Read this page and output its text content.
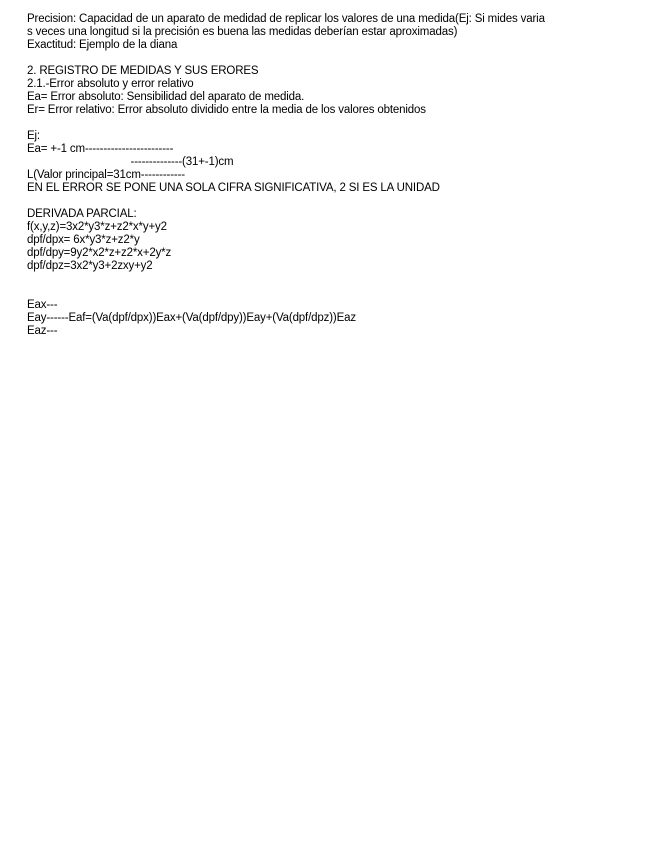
Precision: Capacidad de un aparato de medidad de replicar los valores de una medida(Ej: Si mides varia
s veces una longitud si la precisión es buena las medidas deberían estar aproximadas)
Exactitud: Ejemplo de la diana
2. REGISTRO DE MEDIDAS Y SUS ERORES
2.1.-Error absoluto y error relativo
Ea= Error absoluto: Sensibilidad del aparato de medida.
Er= Error relativo: Error absoluto dividido entre la media de los valores obtenidos
Ej:
Ea= +-1 cm------------------------
--------------(31+-1)cm
L(Valor principal=31cm------------
EN EL ERROR SE PONE UNA SOLA CIFRA SIGNIFICATIVA, 2 SI ES LA UNIDAD
DERIVADA PARCIAL:
f(x,y,z)=3x2*y3*z+z2*x*y+y2
dpf/dpx= 6x*y3*z+z2*y
dpf/dpy=9y2*x2*z+z2*x+2y*z
dpf/dpz=3x2*y3+2zxy+y2
Eax---
Eay------Eaf=(Va(dpf/dpx))Eax+(Va(dpf/dpy))Eay+(Va(dpf/dpz))Eaz
Eaz---
